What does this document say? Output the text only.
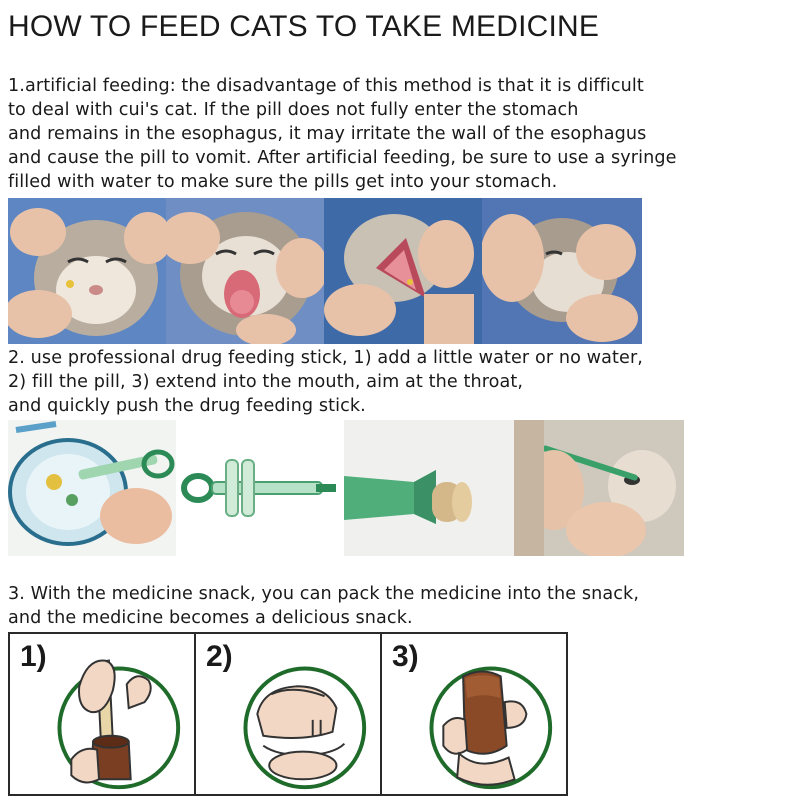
HOW TO FEED CATS TO TAKE MEDICINE
1.artificial feeding: the disadvantage of this method is that it is difficult
to deal with cui's cat. If the pill does not fully enter the stomach
and remains in the esophagus, it may irritate the wall of the esophagus
and cause the pill to vomit. After artificial feeding, be sure to use a syringe
filled with water to make sure the pills get into your stomach.
2. use professional drug feeding stick, 1) add a little water or no water,
2) fill the pill, 3) extend into the mouth, aim at the throat,
and quickly push the drug feeding stick.
3. With the medicine snack, you can pack the medicine into the snack,
and the medicine becomes a delicious snack.
1)	2)	3)
